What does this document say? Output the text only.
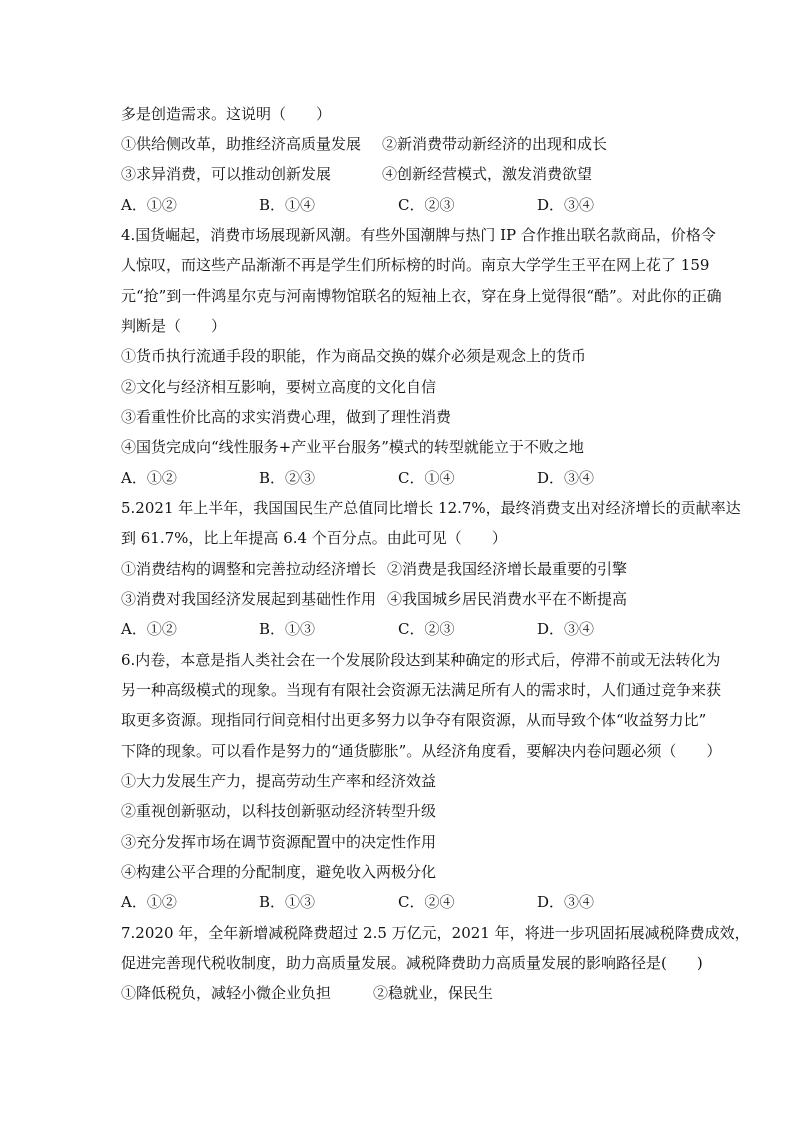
多是创造需求。这说明（　　）
①供给侧改革，助推经济高质量发展 ②新消费带动新经济的出现和成长
③求异消费，可以推动创新发展	④创新经营模式，激发消费欲望
A．①②	B．①④	C．②③	D．③④
4.国货崛起，消费市场展现新风潮。有些外国潮牌与热门 IP 合作推出联名款商品，价格令
人惊叹，而这些产品渐渐不再是学生们所标榜的时尚。南京大学学生王平在网上花了 159
元“抢”到一件鸿星尔克与河南博物馆联名的短袖上衣，穿在身上觉得很“酷”。对此你的正确
判断是（　　）
①货币执行流通手段的职能，作为商品交换的媒介必须是观念上的货币
②文化与经济相互影响，要树立高度的文化自信
③看重性价比高的求实消费心理，做到了理性消费
④国货完成向“线性服务+产业平台服务”模式的转型就能立于不败之地
A．①②	B．②③	C．①④	D．③④
5.2021 年上半年，我国国民生产总值同比增长 12.7%，最终消费支出对经济增长的贡献率达
到 61.7%，比上年提高 6.4 个百分点。由此可见（　　）
①消费结构的调整和完善拉动经济增长 ②消费是我国经济增长最重要的引擎
③消费对我国经济发展起到基础性作用 ④我国城乡居民消费水平在不断提高
A．①②	B．①③	C．②③	D．③④
6.内卷，本意是指人类社会在一个发展阶段达到某种确定的形式后，停滞不前或无法转化为
另一种高级模式的现象。当现有有限社会资源无法满足所有人的需求时，人们通过竞争来获
取更多资源。现指同行间竞相付出更多努力以争夺有限资源，从而导致个体“收益努力比”
下降的现象。可以看作是努力的“通货膨胀”。从经济角度看，要解决内卷问题必须（　　）
①大力发展生产力，提高劳动生产率和经济效益
②重视创新驱动，以科技创新驱动经济转型升级
③充分发挥市场在调节资源配置中的决定性作用
④构建公平合理的分配制度，避免收入两极分化
A．①②	B．①③	C．②④	D．③④
7.2020 年，全年新增减税降费超过 2.5 万亿元，2021 年，将进一步巩固拓展减税降费成效，
促进完善现代税收制度，助力高质量发展。减税降费助力高质量发展的影响路径是(　　)
①降低税负，减轻小微企业负担	②稳就业，保民生
